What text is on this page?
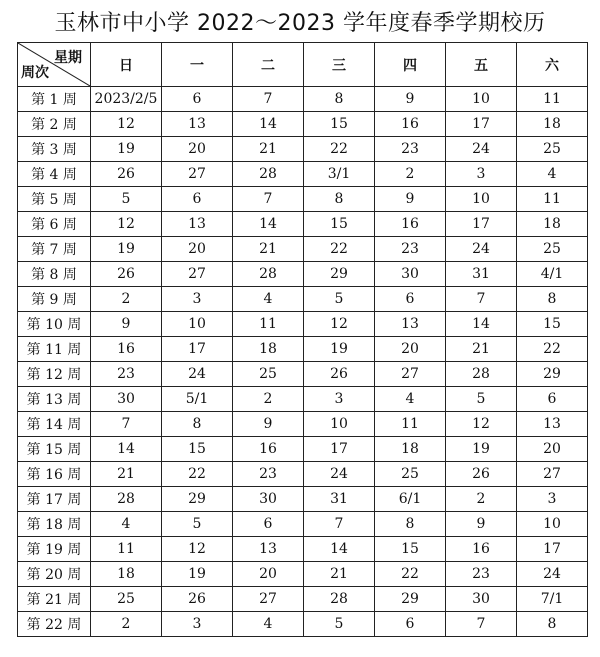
玉林市中小学 2022～2023 学年度春季学期校历
星期
周次	日	一	二	三	四	五	六
第 1 周	2023/2/5	6	7	8	9	10	11
第 2 周	12	13	14	15	16	17	18
第 3 周	19	20	21	22	23	24	25
第 4 周	26	27	28	3/1	2	3	4
第 5 周	5	6	7	8	9	10	11
第 6 周	12	13	14	15	16	17	18
第 7 周	19	20	21	22	23	24	25
第 8 周	26	27	28	29	30	31	4/1
第 9 周	2	3	4	5	6	7	8
第 10 周	9	10	11	12	13	14	15
第 11 周	16	17	18	19	20	21	22
第 12 周	23	24	25	26	27	28	29
第 13 周	30	5/1	2	3	4	5	6
第 14 周	7	8	9	10	11	12	13
第 15 周	14	15	16	17	18	19	20
第 16 周	21	22	23	24	25	26	27
第 17 周	28	29	30	31	6/1	2	3
第 18 周	4	5	6	7	8	9	10
第 19 周	11	12	13	14	15	16	17
第 20 周	18	19	20	21	22	23	24
第 21 周	25	26	27	28	29	30	7/1
第 22 周	2	3	4	5	6	7	8
